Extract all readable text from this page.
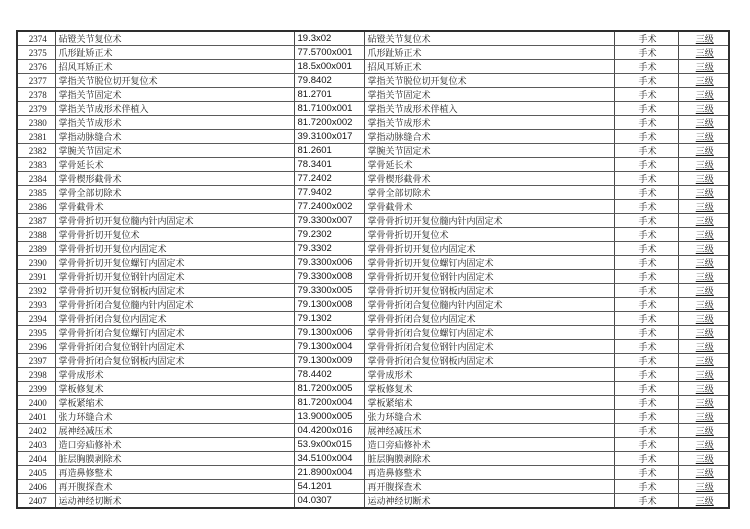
2374	砧镫关节复位术	19.3x02	砧镫关节复位术	手术	三级
2375	爪形趾矫正术	77.5700x001	爪形趾矫正术	手术	三级
2376	招风耳矫正术	18.5x00x001	招风耳矫正术	手术	三级
2377	掌指关节脱位切开复位术	79.8402	掌指关节脱位切开复位术	手术	三级
2378	掌指关节固定术	81.2701	掌指关节固定术	手术	三级
2379	掌指关节成形术伴植入	81.7100x001	掌指关节成形术伴植入	手术	三级
2380	掌指关节成形术	81.7200x002	掌指关节成形术	手术	三级
2381	掌指动脉缝合术	39.3100x017	掌指动脉缝合术	手术	三级
2382	掌腕关节固定术	81.2601	掌腕关节固定术	手术	三级
2383	掌骨延长术	78.3401	掌骨延长术	手术	三级
2384	掌骨楔形截骨术	77.2402	掌骨楔形截骨术	手术	三级
2385	掌骨全部切除术	77.9402	掌骨全部切除术	手术	三级
2386	掌骨截骨术	77.2400x002	掌骨截骨术	手术	三级
2387	掌骨骨折切开复位髓内针内固定术	79.3300x007	掌骨骨折切开复位髓内针内固定术	手术	三级
2388	掌骨骨折切开复位术	79.2302	掌骨骨折切开复位术	手术	三级
2389	掌骨骨折切开复位内固定术	79.3302	掌骨骨折切开复位内固定术	手术	三级
2390	掌骨骨折切开复位螺钉内固定术	79.3300x006	掌骨骨折切开复位螺钉内固定术	手术	三级
2391	掌骨骨折切开复位钢针内固定术	79.3300x008	掌骨骨折切开复位钢针内固定术	手术	三级
2392	掌骨骨折切开复位钢板内固定术	79.3300x005	掌骨骨折切开复位钢板内固定术	手术	三级
2393	掌骨骨折闭合复位髓内针内固定术	79.1300x008	掌骨骨折闭合复位髓内针内固定术	手术	三级
2394	掌骨骨折闭合复位内固定术	79.1302	掌骨骨折闭合复位内固定术	手术	三级
2395	掌骨骨折闭合复位螺钉内固定术	79.1300x006	掌骨骨折闭合复位螺钉内固定术	手术	三级
2396	掌骨骨折闭合复位钢针内固定术	79.1300x004	掌骨骨折闭合复位钢针内固定术	手术	三级
2397	掌骨骨折闭合复位钢板内固定术	79.1300x009	掌骨骨折闭合复位钢板内固定术	手术	三级
2398	掌骨成形术	78.4402	掌骨成形术	手术	三级
2399	掌板修复术	81.7200x005	掌板修复术	手术	三级
2400	掌板紧缩术	81.7200x004	掌板紧缩术	手术	三级
2401	张力环缝合术	13.9000x005	张力环缝合术	手术	三级
2402	展神经减压术	04.4200x016	展神经减压术	手术	三级
2403	造口旁疝修补术	53.9x00x015	造口旁疝修补术	手术	三级
2404	脏层胸膜剥除术	34.5100x004	脏层胸膜剥除术	手术	三级
2405	再造鼻修整术	21.8900x004	再造鼻修整术	手术	三级
2406	再开腹探查术	54.1201	再开腹探查术	手术	三级
2407	运动神经切断术	04.0307	运动神经切断术	手术	三级
